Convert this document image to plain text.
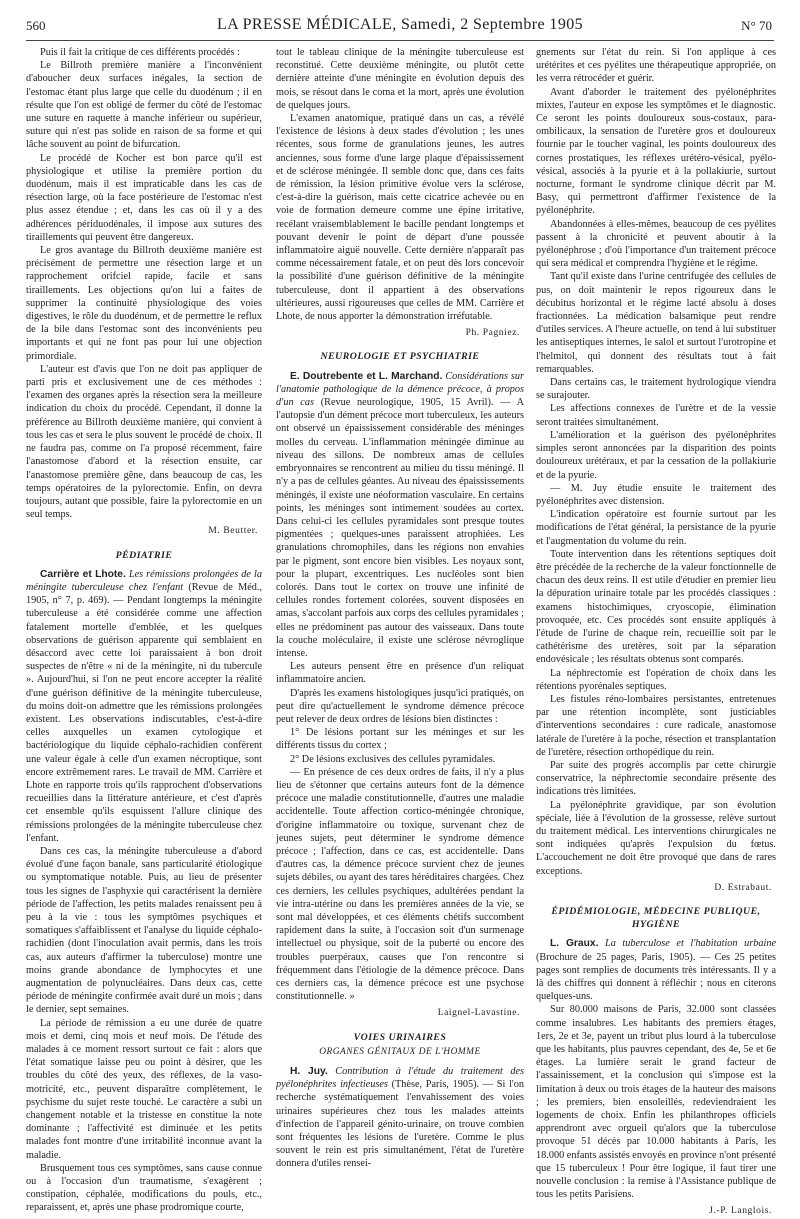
560	LA PRESSE MÉDICALE, Samedi, 2 Septembre 1905	N° 70

Puis il fait la critique de ces différents procédés :

Le Billroth première manière a l'inconvénient d'aboucher deux surfaces inégales, la section de l'estomac étant plus large que celle du duodénum ; il en résulte que l'on est obligé de fermer du côté de l'estomac une suture en raquette à manche inférieur ou supérieur, suture qui n'est pas solide en raison de sa forme et qui lâche souvent au point de bifurcation.

Le procédé de Kocher est bon parce qu'il est physiologique et utilise la première portion du duodénum, mais il est impraticable dans les cas de résection large, où la face postérieure de l'estomac n'est plus assez étendue ; et, dans les cas où il y a des adhérences périduodénales, il impose aux sutures des tiraillements qui peuvent être dangereux.

Le gros avantage du Billroth deuxième manière est précisément de permettre une résection large et un rapprochement orifciel rapide, facile et sans tiraillements. Les objections qu'on lui a faites de supprimer la continuité physiologique des voies digestives, le rôle du duodénum, et de permettre le reflux de la bile dans l'estomac sont des inconvénients peu importants et qui ne font pas pour lui une objection primordiale.

L'auteur est d'avis que l'on ne doit pas appliquer de parti pris et exclusivement une de ces méthodes : l'examen des organes après la résection sera la meilleure indication du choix du procédé. Cependant, il donne la préférence au Billroth deuxième manière, qui convient à tous les cas et sera le plus souvent le procédé de choix. Il ne faudra pas, comme on l'a proposé récemment, faire l'anastomose d'abord et la résection ensuite, car l'anastomose première gêne, dans beaucoup de cas, les temps opératoires de la pylorectomie. Enfin, on devra toujours, autant que possible, faire la pylorectomie en un seul temps.

M. Beutter.

PÉDIATRIE

Carrière et Lhote. Les rémissions prolongées de la méningite tuberculeuse chez l'enfant (Revue de Méd., 1905, n° 7, p. 469). — Pendant longtemps la méningite tuberculeuse a été considérée comme une affection fatalement mortelle d'emblée, et les quelques observations de guérison apparente qui semblaient en désaccord avec cette loi paraissaient à bon droit suspectes de n'être « ni de la méningite, ni du tubercule ». Aujourd'hui, si l'on ne peut encore accepter la réalité d'une guérison définitive de la méningite tuberculeuse, du moins doit-on admettre que les rémissions prolongées existent. Les observations indiscutables, c'est-à-dire celles auxquelles un examen cytologique et bactériologique du liquide céphalo-rachidien confèrent une valeur égale à celle d'un examen nécroptique, sont encore extrêmement rares. Le travail de MM. Carrière et Lhote en rapporte trois qu'ils rapprochent d'observations recueillies dans la littérature antérieure, et c'est d'après cet ensemble qu'ils esquissent l'allure clinique des rémissions prolongées de la méningite tuberculeuse chez l'enfant.

Dans ces cas, la méningite tuberculeuse a d'abord évolué d'une façon banale, sans particularité étiologique ou symptomatique notable. Puis, au lieu de présenter tous les signes de l'asphyxie qui caractérisent la dernière période de l'affection, les petits malades renaissent peu à peu à la vie : tous les symptômes psychiques et somatiques s'affaiblissent et l'analyse du liquide céphalo-rachidien (dont l'inoculation avait permis, dans les trois cas, aux auteurs d'affirmer la tuberculose) montre une moins grande abondance de lymphocytes et une augmentation de polynucléaires. Dans deux cas, cette période de méningite confirmée avait duré un mois ; dans le dernier, sept semaines.

La période de rémission a eu une durée de quatre mois et demi, cinq mois et neuf mois. De l'étude des malades à ce moment ressort surtout ce fait : alors que l'état somatique laisse peu ou point à désirer, que les troubles du côté des yeux, des réflexes, de la vaso-motricité, etc., peuvent disparaître complètement, le psychisme du sujet reste touché. Le caractère a subi un changement notable et la tristesse en constitue la note dominante ; l'affectivité est diminuée et les petits malades font montre d'une irritabilité inconnue avant la maladie.

Brusquement tous ces symptômes, sans cause connue ou à l'occasion d'un traumatisme, s'exagèrent ; constipation, céphalée, modifications du pouls, etc., reparaissent, et, après une phase prodromique courte,

tout le tableau clinique de la méningite tuberculeuse est reconstitué. Cette deuxième méningite, ou plutôt cette dernière atteinte d'une méningite en évolution depuis des mois, se résout dans le coma et la mort, après une évolution de quelques jours.

L'examen anatomique, pratiqué dans un cas, a révélé l'existence de lésions à deux stades d'évolution ; les unes récentes, sous forme de granulations jeunes, les autres anciennes, sous forme d'une large plaque d'épaississement et de sclérose méningée. Il semble donc que, dans ces faits de rémission, la lésion primitive évolue vers la sclérose, c'est-à-dire la guérison, mais cette cicatrice achevée ou en voie de formation demeure comme une épine irritative, recélant vraisemblablement le bacille pendant longtemps et pouvant devenir le point de départ d'une poussée inflammatoire aiguë nouvelle. Cette dernière n'apparaît pas comme nécessairement fatale, et on peut dès lors concevoir la possibilité d'une guérison définitive de la méningite tuberculeuse, dont il appartient à des observations ultérieures, aussi rigoureuses que celles de MM. Carrière et Lhote, de nous apporter la démonstration irréfutable.

Ph. Pagniez.

NEUROLOGIE ET PSYCHIATRIE

E. Doutrebente et L. Marchand. Considérations sur l'anatomie pathologique de la démence précoce, à propos d'un cas (Revue neurologique, 1905, 15 Avril). — A l'autopsie d'un dément précoce mort tuberculeux, les auteurs ont observé un épaississement considérable des méninges molles du cerveau. L'inflammation méningée diminue au niveau des sillons. De nombreux amas de cellules embryonnaires se rencontrent au milieu du tissu méningé. Il n'y a pas de cellules géantes. Au niveau des épaississements méningés, il existe une néoformation vasculaire. En certains points, les méninges sont intimement soudées au cortex. Dans celui-ci les cellules pyramidales sont presque toutes pigmentées ; quelques-unes paraissent atrophiées. Les granulations chromophiles, dans les régions non envahies par le pigment, sont encore bien visibles. Les noyaux sont, pour la plupart, excentriques. Les nucléoles sont bien colorés. Dans tout le cortex on trouve une infinité de cellules rondes fortement colorées, souvent disposées en amas, s'accolant parfois aux corps des cellules pyramidales ; elles ne prédominent pas autour des vaisseaux. Dans toute la couche moléculaire, il existe une sclérose névroglique intense.

Les auteurs pensent être en présence d'un reliquat inflammatoire ancien.

D'après les examens histologiques jusqu'ici pratiqués, on peut dire qu'actuellement le syndrome démence précoce peut relever de deux ordres de lésions bien distinctes :

1° De lésions portant sur les méninges et sur les différents tissus du cortex ;

2° De lésions exclusives des cellules pyramidales.

— En présence de ces deux ordres de faits, il n'y a plus lieu de s'étonner que certains auteurs font de la démence précoce une maladie constitutionnelle, d'autres une maladie accidentelle. Toute affection cortico-méningée chronique, d'origine inflammatoire ou toxique, survenant chez de jeunes sujets, peut déterminer le syndrome démence précoce ; l'affection, dans ce cas, est accidentelle. Dans d'autres cas, la démence précoce survient chez de jeunes sujets débiles, ou ayant des tares héréditaires chargées. Chez ces derniers, les cellules psychiques, adultérées pendant la vie intra-utérine ou dans les premières années de la vie, se sont mal développées, et ces éléments chétifs succombent rapidement dans la suite, à l'occasion soit d'un surmenage intellectuel ou physique, soit de la puberté ou encore des troubles puerpéraux, causes que l'on rencontre si fréquemment dans l'étiologie de la démence précoce. Dans ces derniers cas, la démence précoce est une psychose constitutionnelle. »

Laignel-Lavastine.

VOIES URINAIRES
ORGANES GÉNITAUX DE L'HOMME

H. Juy. Contribution à l'étude du traitement des pyélonéphrites infectieuses (Thèse, Paris, 1905). — Si l'on recherche systématiquement l'envahissement des voies urinaires supérieures chez tous les malades atteints d'infection de l'appareil génito-urinaire, on trouve combien sont fréquentes les lésions de l'uretère. Comme le plus souvent le rein est pris simultanément, l'état de l'uretère donnera d'utiles rensei-

gnements sur l'état du rein. Si l'on applique à ces urétérites et ces pyélites une thérapeutique appropriée, on les verra rétrocéder et guérir.

Avant d'aborder le traitement des pyélonéphrites mixtes, l'auteur en expose les symptômes et le diagnostic. Ce seront les points douloureux sous-costaux, para-ombilicaux, la sensation de l'uretère gros et douloureux fournie par le toucher vaginal, les points douloureux des cornes prostatiques, les réflexes urétéro-vésical, pyélo-vésical, associés à la pyurie et à la pollakiurie, surtout nocturne, formant le syndrome clinique décrit par M. Basy, qui permettront d'affirmer l'existence de la pyélonéphrite.

Abandonnées à elles-mêmes, beaucoup de ces pyélites passent à la chronicité et peuvent aboutir à la pyélonéphrose ; d'où l'importance d'un traitement précoce qui sera médical et comprendra l'hygiène et le régime.

Tant qu'il existe dans l'urine centrifugée des cellules de pus, on doit maintenir le repos rigoureux dans le décubitus horizontal et le régime lacté absolu à doses fractionnées. La médication balsamique peut rendre d'utiles services. A l'heure actuelle, on tend à lui substituer les antiseptiques internes, le salol et surtout l'urotropine et l'helmitol, qui donnent des résultats tout à fait remarquables.

Dans certains cas, le traitement hydrologique viendra se surajouter.

Les affections connexes de l'urètre et de la vessie seront traitées simultanément.

L'amélioration et la guérison des pyélonéphrites simples seront annoncées par la disparition des points douloureux urétéraux, et par la cessation de la pollakiurie et de la pyurie.

— M. Juy étudie ensuite le traitement des pyélonéphrites avec distension.

L'indication opératoire est fournie surtout par les modifications de l'état général, la persistance de la pyurie et l'augmentation du volume du rein.

Toute intervention dans les rétentions septiques doit être précédée de la recherche de la valeur fonctionnelle de chacun des deux reins. Il est utile d'étudier en premier lieu la dépuration urinaire totale par les procédés classiques : examens histochimiques, cryoscopie, élimination provoquée, etc. Ces procédés sont ensuite appliqués à l'étude de l'urine de chaque rein, recueillie soit par le cathétérisme des uretères, soit par la séparation endovésicale ; les résultats obtenus sont comparés.

La néphrectomie est l'opération de choix dans les rétentions pyorénales septiques.

Les fistules réno-lombaires persistantes, entretenues par une rétention incomplète, sont justiciables d'interventions secondaires : cure radicale, anastomose latérale de l'uretère à la poche, résection et transplantation de l'uretère, résection orthopédique du rein.

Par suite des progrès accomplis par cette chirurgie conservatrice, la néphrectomie secondaire présente des indications très limitées.

La pyélonéphrite gravidique, par son évolution spéciale, liée à l'évolution de la grossesse, relève surtout du traitement médical. Les interventions chirurgicales ne sont indiquées qu'après l'expulsion du fœtus. L'accouchement ne doit être provoqué que dans de rares exceptions.

D. Estrabaut.

ÉPIDÉMIOLOGIE, MÉDECINE PUBLIQUE, HYGIÈNE

L. Graux. La tuberculose et l'habitation urbaine (Brochure de 25 pages, Paris, 1905). — Ces 25 petites pages sont remplies de documents très intéressants. Il y a là des chiffres qui donnent à réfléchir ; nous en citerons quelques-uns.

Sur 80.000 maisons de Paris, 32.000 sont classées comme insalubres. Les habitants des premiers étages, 1ers, 2e et 3e, payent un tribut plus lourd à la tuberculose que les habitants, plus pauvres cependant, des 4e, 5e et 6e étages. La lumière serait le grand facteur de l'assainissement, et la conclusion qui s'impose est la limitation à deux ou trois étages de la hauteur des maisons ; les premiers, bien ensoleillés, redeviendraient les logements de choix. Enfin les philanthropes officiels apprendront avec orgueil qu'alors que la tuberculose provoque 51 décès par 10.000 habitants à Paris, les 18.000 enfants assistés envoyés en province n'ont présenté que 15 tuberculeux ! Pour être logique, il faut tirer une nouvelle conclusion : la remise à l'Assistance publique de tous les petits Parisiens.

J.-P. Langlois.
